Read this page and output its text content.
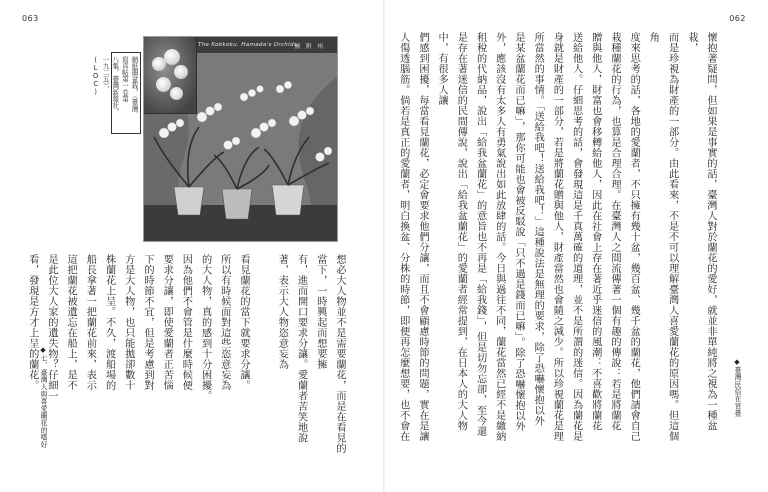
063
The Kokkoku. Hamada's Orchids.
圖 附 州
網紙蘭盆栽。（臺灣
寫真帖第一卷第
八集，臺灣新報社，
一九二五），(LOC)
想必大人物並不是需要蘭花，而是在看見的當下，一時興起而想要擁
有，進而開口要求分讓。愛蘭者苦笑地說著，表示大人物恣意妄為

看見蘭花的當下就要求分讓。
所以有時候面對這些恣意妄為
的大人物，真的感到十分困擾。
因為他們不會管是什麼時候便
要求分讓，即使愛蘭者正苦惱
下的時節不宜，但是考慮到對
方是大人物，也只能拋卻數十
株蘭花上呈。不久，渡船場的
船長拿著一把蘭花前來，表示
這把蘭花被遺忘在船上，是不
是此位大人家的遺失物？仔細一
看，發現是方才上呈的蘭花。 ◆七、臺灣人與喜愛蘭花的嗜好
062
懷抱著疑問，但如果是事實的話，臺灣人對於蘭花的愛好，就並非單純將之視為一種盆栽，
而是珍視為財產的一部分。由此看來，不是不可以理解臺灣人喜愛蘭花的原因嗎。但這個角
度來思考的話，各地的愛蘭者，不只擁有幾十盆，幾百盆、幾千盆的蘭花，他們請會自己
栽種蘭花的行為，也算是合理合理。在臺灣人之間流傳著一個有趣的傳說：若是將蘭花
贈與他人，財富也會移轉給他人，因此在社會上存在著近乎迷信的風潮：不喜歡將蘭花
送給他人。仔細思考的話，會發現這是千真萬確的道理，並不是所謂的迷信。因為蘭花是
身就是財產的一部分，若是將蘭花贈與他人，財產當然也會隨之減少。所以珍視蘭花是理
所當然的事情。「送給我吧！送給我吧！」這種說法是無理的要求，除了恐嚇懷抱以外
是某盆蘭花而已嘛」，那你可能也會被反駁說「只不過是錢而已嘛」。除了恐嚇懷抱以外
外，應該沒有太多人有勇氣說出如此放肆的話。今日與過往不同，蘭花當然已經不是繳納
租稅的代納品，說出「給我盆蘭花」的意旨也不再是「給我錢」，但是切勿忘卻，至今還
是存在著迷信的民間傳說，說出「給我盆蘭花」的愛蘭者經常提到，在日本人的大人物中，有很多人讓
們感到困擾，每當看見蘭花，必定會要求他們分讓，而且不會顧慮時節的問題，實在是讓
人傷透腦筋。倘若是真正的愛蘭者，明白換盆、分株的時節，即便再怎麼想要，也不會在	◆臺灣民俗在宮臺
